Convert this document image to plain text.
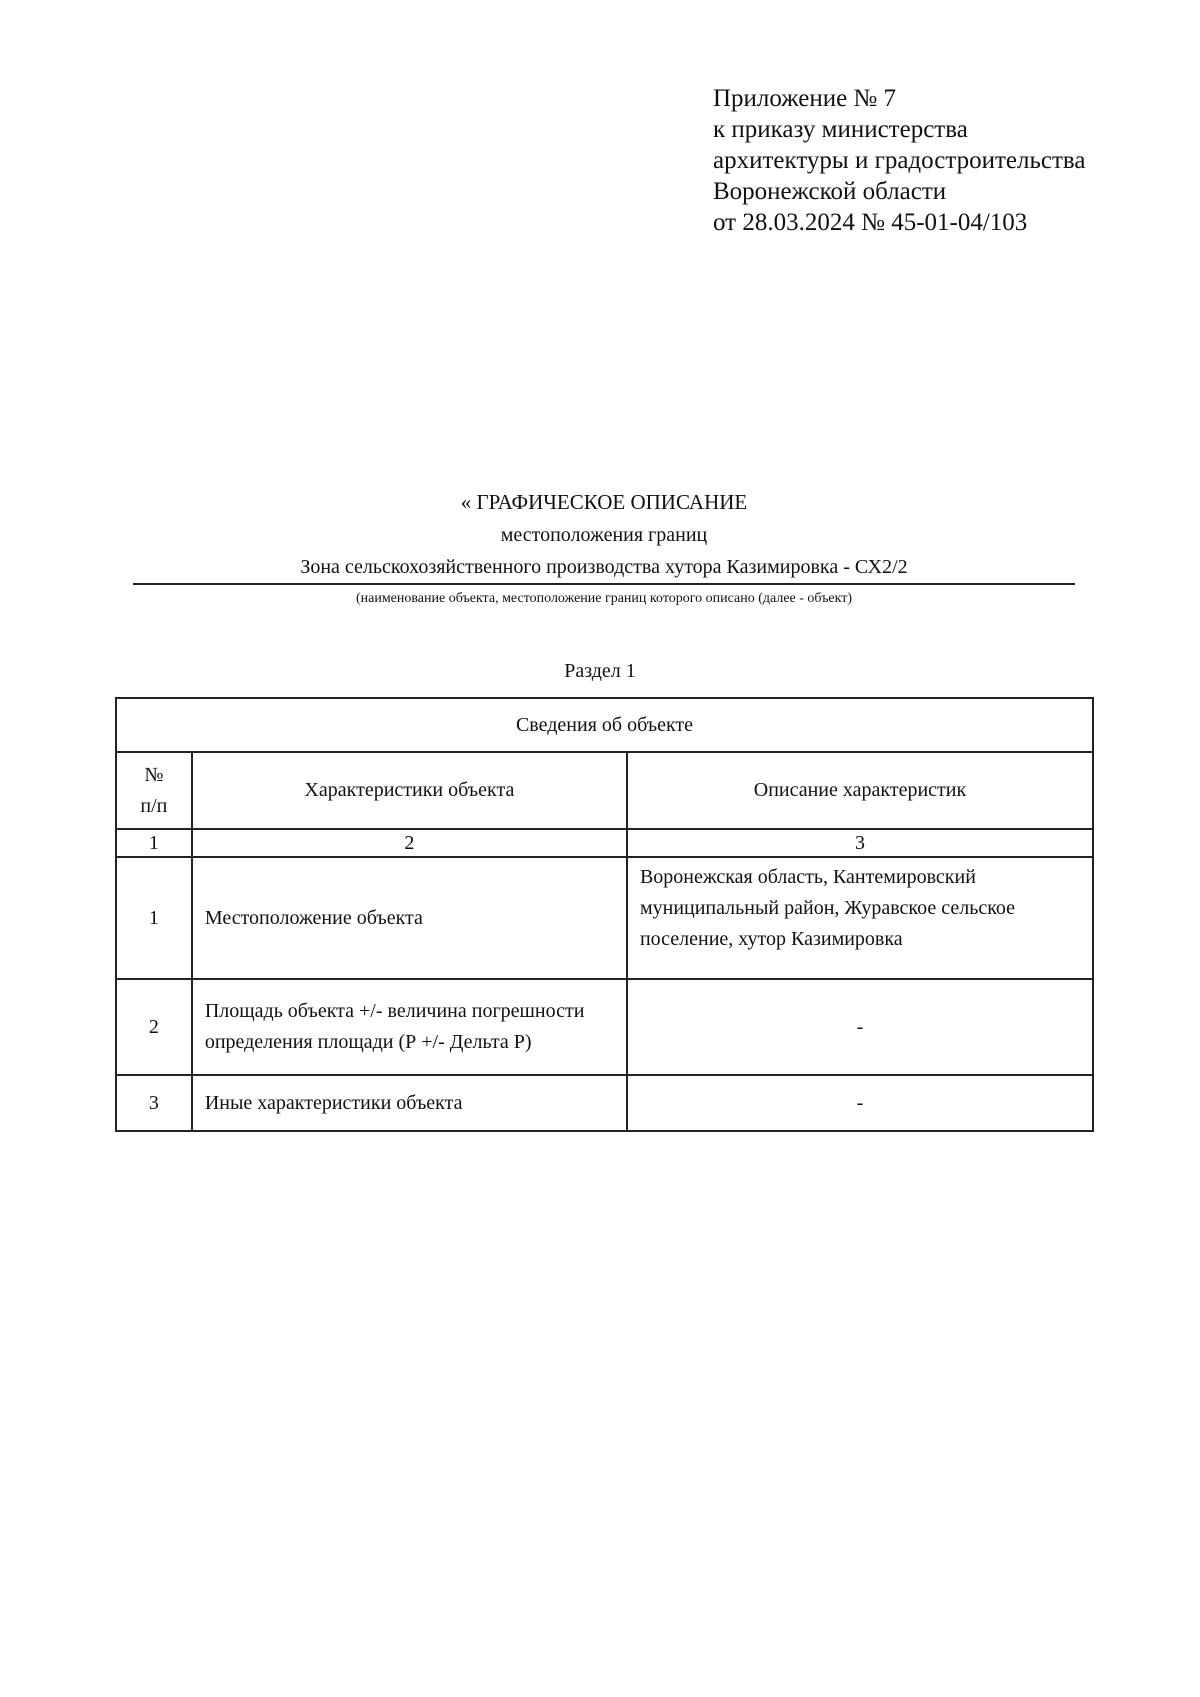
Приложение № 7
к приказу министерства
архитектуры и градостроительства
Воронежской области
от 28.03.2024 № 45-01-04/103
« ГРАФИЧЕСКОЕ ОПИСАНИЕ
местоположения границ
Зона сельскохозяйственного производства хутора Казимировка - СХ2/2
(наименование объекта, местоположение границ которого описано (далее - объект)
Раздел 1
Сведения об объекте		

№
п/п	Характеристики объекта	Описание характеристик
1	2	3
1	Местоположение объекта	Воронежская область, Кантемировский муниципальный район, Журавское сельское поселение, хутор Казимировка
2	Площадь объекта +/- величина погрешности определения площади (Р +/- Дельта Р)	-
3	Иные характеристики объекта	-
